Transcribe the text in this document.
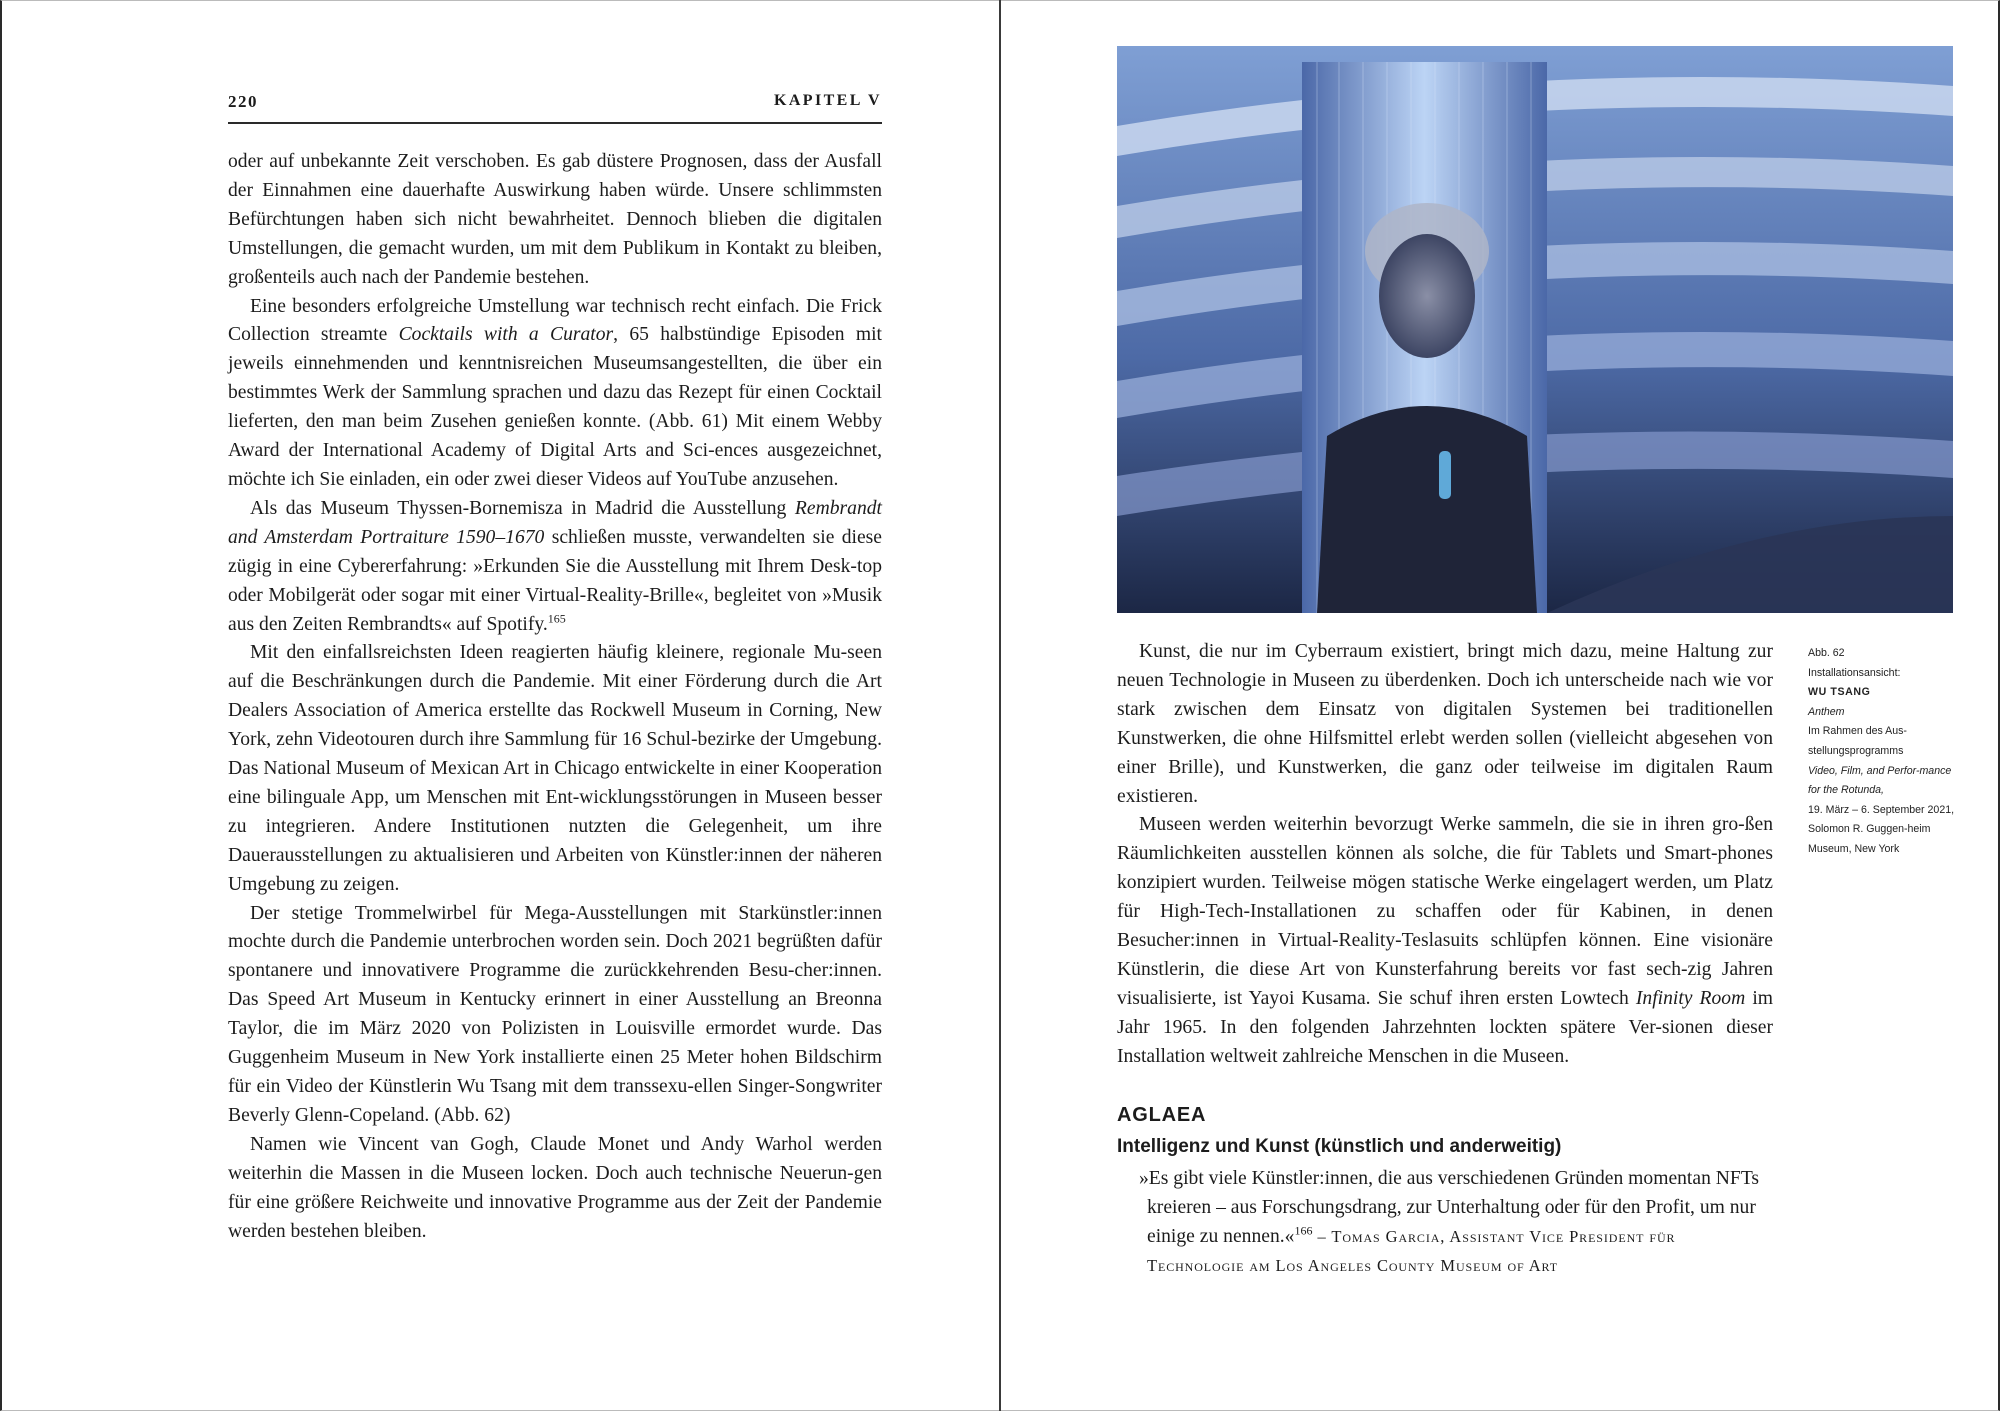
220	KAPITEL V

oder auf unbekannte Zeit verschoben. Es gab düstere Prognosen, dass der Ausfall der Einnahmen eine dauerhafte Auswirkung haben würde. Unsere schlimmsten Befürchtungen haben sich nicht bewahrheitet. Dennoch blieben die digitalen Umstellungen, die gemacht wurden, um mit dem Publikum in Kontakt zu bleiben, großenteils auch nach der Pandemie bestehen.

Eine besonders erfolgreiche Umstellung war technisch recht einfach. Die Frick Collection streamte Cocktails with a Curator, 65 halbstündige Episoden mit jeweils einnehmenden und kenntnisreichen Museumsangestellten, die über ein bestimmtes Werk der Sammlung sprachen und dazu das Rezept für einen Cocktail lieferten, den man beim Zusehen genießen konnte. (Abb. 61) Mit einem Webby Award der International Academy of Digital Arts and Sci-ences ausgezeichnet, möchte ich Sie einladen, ein oder zwei dieser Videos auf YouTube anzusehen.

Als das Museum Thyssen-Bornemisza in Madrid die Ausstellung Rembrandt and Amsterdam Portraiture 1590–1670 schließen musste, verwandelten sie diese zügig in eine Cybererfahrung: »Erkunden Sie die Ausstellung mit Ihrem Desk-top oder Mobilgerät oder sogar mit einer Virtual-Reality-Brille«, begleitet von »Musik aus den Zeiten Rembrandts« auf Spotify.$^{165}$

Mit den einfallsreichsten Ideen reagierten häufig kleinere, regionale Mu-seen auf die Beschränkungen durch die Pandemie. Mit einer Förderung durch die Art Dealers Association of America erstellte das Rockwell Museum in Corning, New York, zehn Videotouren durch ihre Sammlung für 16 Schul-bezirke der Umgebung. Das National Museum of Mexican Art in Chicago entwickelte in einer Kooperation eine bilinguale App, um Menschen mit Ent-wicklungsstörungen in Museen besser zu integrieren. Andere Institutionen nutzten die Gelegenheit, um ihre Dauerausstellungen zu aktualisieren und Arbeiten von Künstler:innen der näheren Umgebung zu zeigen.

Der stetige Trommelwirbel für Mega-Ausstellungen mit Starkünstler:innen mochte durch die Pandemie unterbrochen worden sein. Doch 2021 begrüßten dafür spontanere und innovativere Programme die zurückkehrenden Besu-cher:innen. Das Speed Art Museum in Kentucky erinnert in einer Ausstellung an Breonna Taylor, die im März 2020 von Polizisten in Louisville ermordet wurde. Das Guggenheim Museum in New York installierte einen 25 Meter hohen Bildschirm für ein Video der Künstlerin Wu Tsang mit dem transsexu-ellen Singer-Songwriter Beverly Glenn-Copeland. (Abb. 62)

Namen wie Vincent van Gogh, Claude Monet und Andy Warhol werden weiterhin die Massen in die Museen locken. Doch auch technische Neuerun-gen für eine größere Reichweite und innovative Programme aus der Zeit der Pandemie werden bestehen bleiben.

Abb. 62
Installationsansicht:
WU TSANG
Anthem
Im Rahmen des Aus-stellungsprogramms
Video, Film, and Perfor-mance for the Rotunda,
19. März – 6. September 2021, Solomon R. Guggen-heim Museum, New York

Kunst, die nur im Cyberraum existiert, bringt mich dazu, meine Haltung zur neuen Technologie in Museen zu überdenken. Doch ich unterscheide nach wie vor stark zwischen dem Einsatz von digitalen Systemen bei traditionellen Kunstwerken, die ohne Hilfsmittel erlebt werden sollen (vielleicht abgesehen von einer Brille), und Kunstwerken, die ganz oder teilweise im digitalen Raum existieren.

Museen werden weiterhin bevorzugt Werke sammeln, die sie in ihren gro-ßen Räumlichkeiten ausstellen können als solche, die für Tablets und Smart-phones konzipiert wurden. Teilweise mögen statische Werke eingelagert werden, um Platz für High-Tech-Installationen zu schaffen oder für Kabinen, in denen Besucher:innen in Virtual-Reality-Teslasuits schlüpfen können. Eine visionäre Künstlerin, die diese Art von Kunsterfahrung bereits vor fast sech-zig Jahren visualisierte, ist Yayoi Kusama. Sie schuf ihren ersten Lowtech Infinity Room im Jahr 1965. In den folgenden Jahrzehnten lockten spätere Ver-sionen dieser Installation weltweit zahlreiche Menschen in die Museen.

AGLAEA
Intelligenz und Kunst (künstlich und anderweitig)

»Es gibt viele Künstler:innen, die aus verschiedenen Gründen momentan NFTs kreieren – aus Forschungsdrang, zur Unterhaltung oder für den Profit, um nur einige zu nennen.«$^{166}$ – Tomas Garcia, Assistant Vice President für Technologie am Los Angeles County Museum of Art
